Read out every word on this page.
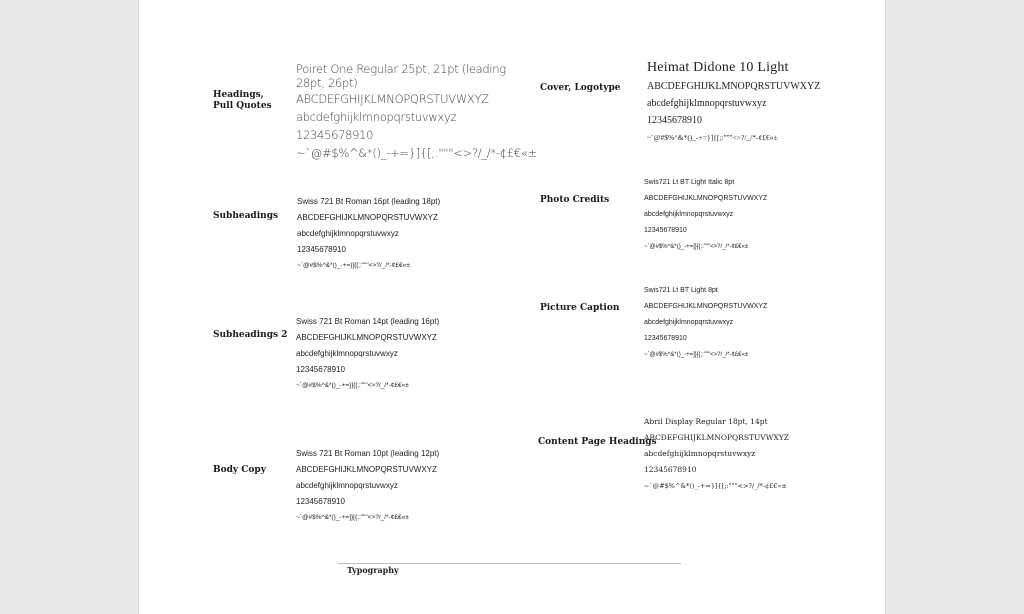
Headings, Pull Quotes
Poiret One Regular 25pt, 21pt (leading 28pt, 26pt)
ABCDEFGHIJKLMNOPQRSTUVWXYZ
abcdefghijklmnopqrstuvwxyz
12345678910
~`@#$%^&*()_-+=}]{[;:"""<>?/_/*-¢£€«±
Subheadings
Swiss 721 Bt Roman 16pt (leading 18pt)
ABCDEFGHIJKLMNOPQRSTUVWXYZ
abcdefghijklmnopqrstuvwxyz
12345678910
~`@#$%^&*()_-+=}]{[;:"""<>?/_/*-¢£€«±
Subheadings 2
Swiss 721 Bt Roman 14pt (leading 16pt)
ABCDEFGHIJKLMNOPQRSTUVWXYZ
abcdefghijklmnopqrstuvwxyz
12345678910
~`@#$%^&*()_-+=}]{[;:"""<>?/_/*-¢£€«±
Body Copy
Swiss 721 Bt Roman 10pt (leading 12pt)
ABCDEFGHIJKLMNOPQRSTUVWXYZ
abcdefghijklmnopqrstuvwxyz
12345678910
~`@#$%^&*()_-+=]}[{;:"""<>?/_/*-¢£€«±
Cover, Logotype
Heimat Didone 10 Light
ABCDEFGHIJKLMNOPQRSTUVWXYZ
abcdefghijklmnopqrstuvwxyz
12345678910
~`@#$%^&*()_-+=}]{[;:"""<>?/_/*-¢£€«±
Photo Credits
Swis721 Lt BT Light Italic 8pt
ABCDEFGHIJKLMNOPQRSTUVWXYZ
abcdefghijklmnopqrstuvwxyz
12345678910
~`@#$%^&*()_-+=]}[{;:"""<>?/_/*-¢£€«±
Picture Caption
Swis721 Lt BT Light 8pt
ABCDEFGHIJKLMNOPQRSTUVWXYZ
abcdefghijklmnopqrstuvwxyz
12345678910
~`@#$%^&*()_-+=]}[{;:"""<>?/_/*-¢£€«±
Content Page Headings
Abril Display Regular 18pt, 14pt
ABCDEFGHIJKLMNOPQRSTUVWXYZ
abcdefghijklmnopqrstuvwxyz
12345678910
~`@#$%^&*()_-+=}]{[;:"""<>?/_/*-¢£€«±
Typography
